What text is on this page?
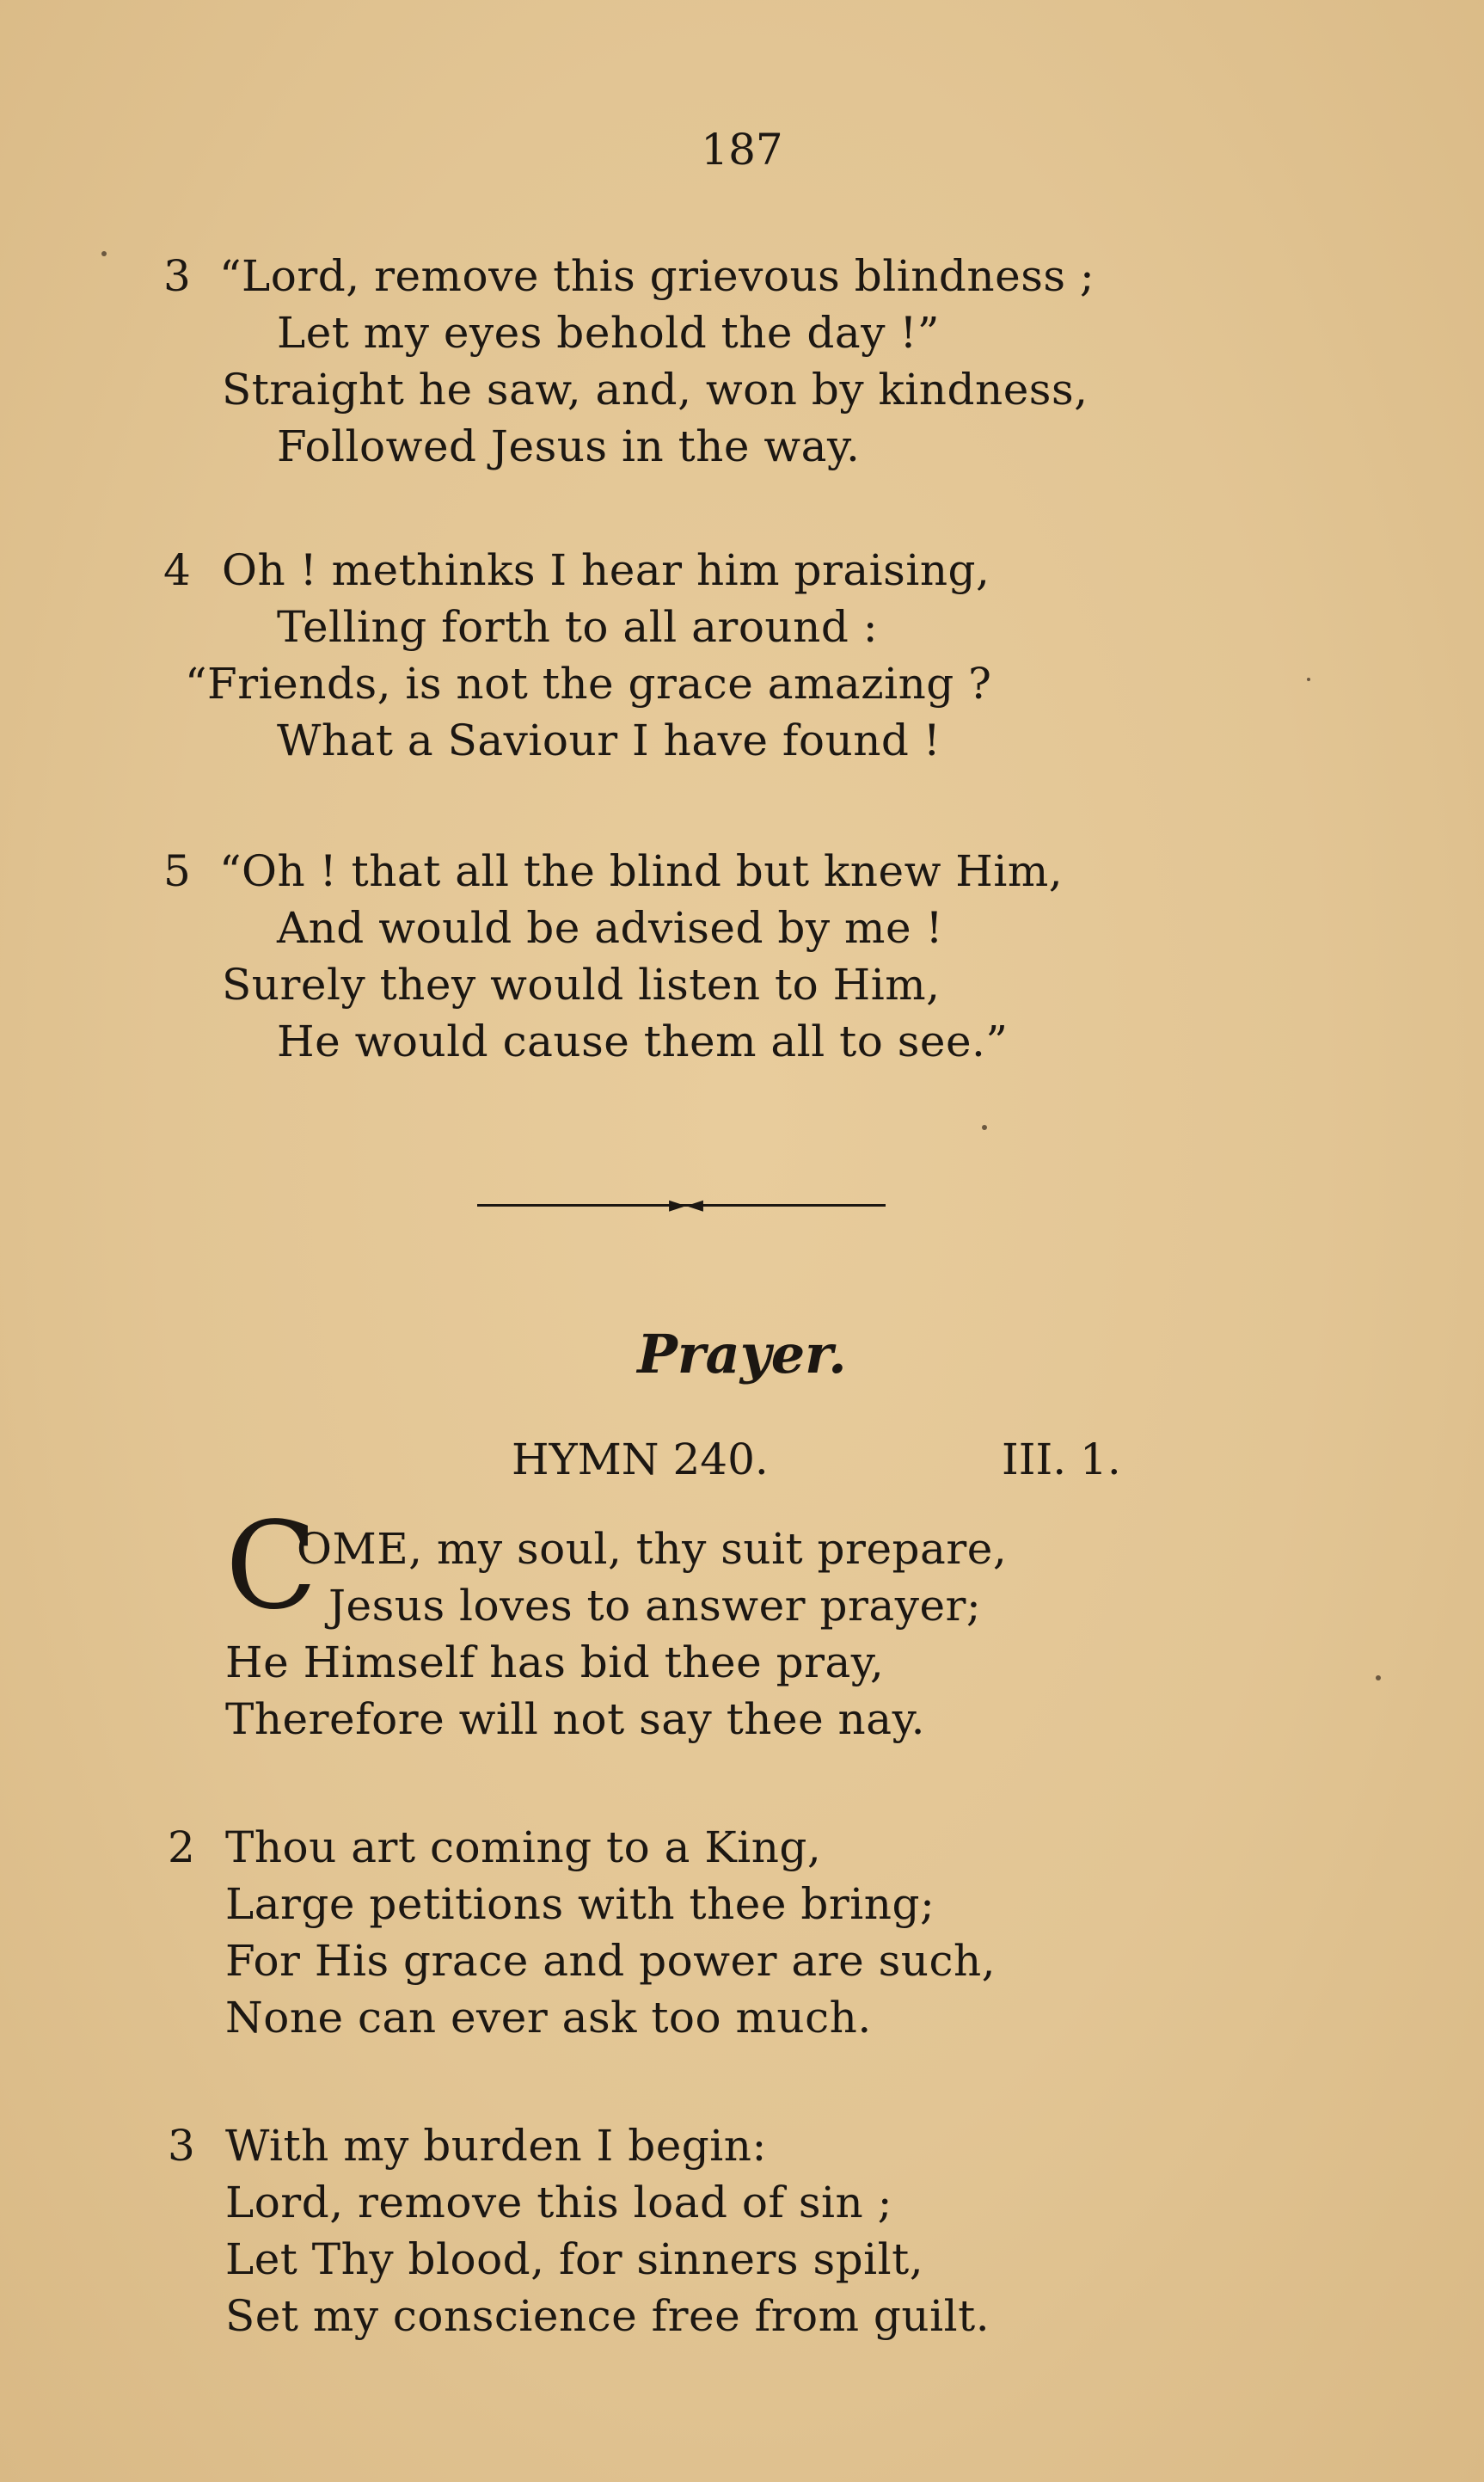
187
3 “Lord, remove this grievous blindness ;
Let my eyes behold the day !”
Straight he saw, and, won by kindness,
Followed Jesus in the way.
4 Oh ! methinks I hear him praising,
Telling forth to all around :
“Friends, is not the grace amazing ?
What a Saviour I have found !
5 “Oh ! that all the blind but knew Him,
And would be advised by me !
Surely they would listen to Him,
He would cause them all to see.”
►◄
Prayer.
HYMN 240.	III. 1.
C
OME, my soul, thy suit prepare,
Jesus loves to answer prayer;
He Himself has bid thee pray,
Therefore will not say thee nay.
2 Thou art coming to a King,
Large petitions with thee bring;
For His grace and power are such,
None can ever ask too much.
3 With my burden I begin:
Lord, remove this load of sin ;
Let Thy blood, for sinners spilt,
Set my conscience free from guilt.
